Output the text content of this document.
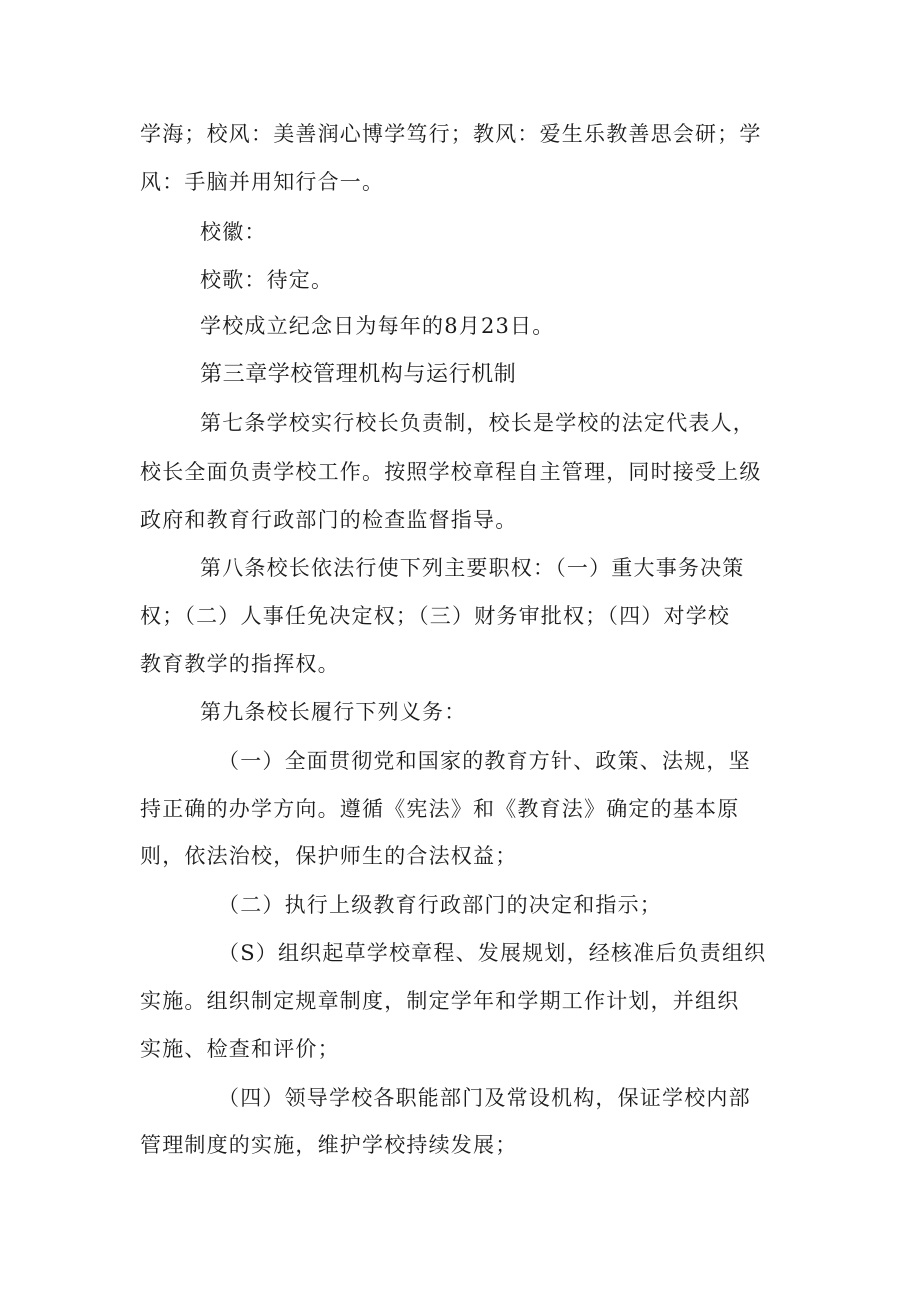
学海；校风：美善润心博学笃行；教风：爱生乐教善思会研；学
风：手脑并用知行合一。
校徽：
校歌：待定。
学校成立纪念日为每年的8月23日。
第三章学校管理机构与运行机制
第七条学校实行校长负责制，校长是学校的法定代表人，
校长全面负责学校工作。按照学校章程自主管理，同时接受上级
政府和教育行政部门的检查监督指导。
第八条校长依法行使下列主要职权：（一）重大事务决策
权；（二）人事任免决定权；（三）财务审批权；（四）对学校
教育教学的指挥权。
第九条校长履行下列义务：
（一）全面贯彻党和国家的教育方针、政策、法规，坚
持正确的办学方向。遵循《宪法》和《教育法》确定的基本原
则，依法治校，保护师生的合法权益；
（二）执行上级教育行政部门的决定和指示；
（S）组织起草学校章程、发展规划，经核准后负责组织
实施。组织制定规章制度，制定学年和学期工作计划，并组织
实施、检查和评价；
（四）领导学校各职能部门及常设机构，保证学校内部
管理制度的实施，维护学校持续发展；
